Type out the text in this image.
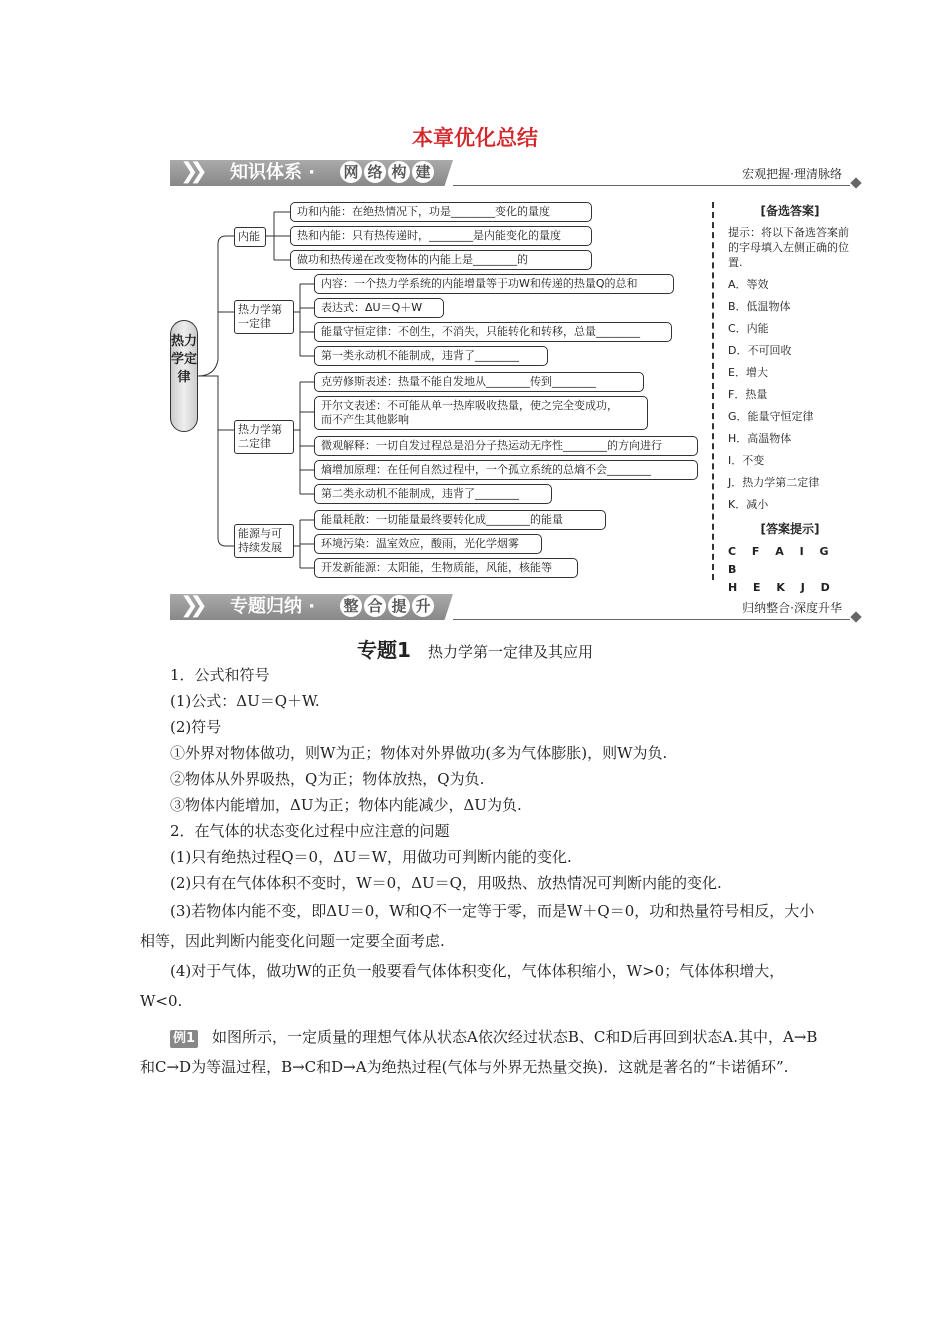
本章优化总结
❯❯ 知识体系 · 网 络 构 建	宏观把握·理清脉络
热力学定律
内能
热力学第一定律
热力学第二定律
能源与可持续发展
功和内能：在绝热情况下，功是________变化的量度
热和内能：只有热传递时，________是内能变化的量度
做功和热传递在改变物体的内能上是________的
内容：一个热力学系统的内能增量等于功W和传递的热量Q的总和
表达式：ΔU＝Q＋W
能量守恒定律：不创生，不消失，只能转化和转移，总量________
第一类永动机不能制成，违背了________
克劳修斯表述：热量不能自发地从________传到________
开尔文表述：不可能从单一热库吸收热量，使之完全变成功，
而不产生其他影响
微观解释：一切自发过程总是沿分子热运动无序性________的方向进行
熵增加原理：在任何自然过程中，一个孤立系统的总熵不会________
第二类永动机不能制成，违背了________
能量耗散：一切能量最终要转化成________的能量
环境污染：温室效应，酸雨，光化学烟雾
开发新能源：太阳能，生物质能，风能，核能等
[备选答案]
提示：将以下备选答案前的字母填入左侧正确的位置.
A．等效
B．低温物体
C．内能
D．不可回收
E．增大
F．热量
G．能量守恒定律
H．高温物体
I．不变
J．热力学第二定律
K．减小
[答案提示]
C F A I G B
H E K J D
❯❯ 专题归纳 · 整 合 提 升	归纳整合·深度升华
专题1 热力学第一定律及其应用
1．公式和符号
(1)公式：ΔU＝Q＋W.
(2)符号
①外界对物体做功，则W为正；物体对外界做功(多为气体膨胀)，则W为负.
②物体从外界吸热，Q为正；物体放热，Q为负.
③物体内能增加，ΔU为正；物体内能减少，ΔU为负.
2．在气体的状态变化过程中应注意的问题
(1)只有绝热过程Q＝0，ΔU＝W，用做功可判断内能的变化.
(2)只有在气体体积不变时，W＝0，ΔU＝Q，用吸热、放热情况可判断内能的变化.
(3)若物体内能不变，即ΔU＝0，W和Q不一定等于零，而是W＋Q＝0，功和热量符号相反，大小相等，因此判断内能变化问题一定要全面考虑.
(4)对于气体，做功W的正负一般要看气体体积变化，气体体积缩小，W>0；气体体积增大，W<0.
例1 如图所示，一定质量的理想气体从状态A依次经过状态B、C和D后再回到状态A.其中，A→B和C→D为等温过程，B→C和D→A为绝热过程(气体与外界无热量交换)．这就是著名的“卡诺循环”.
